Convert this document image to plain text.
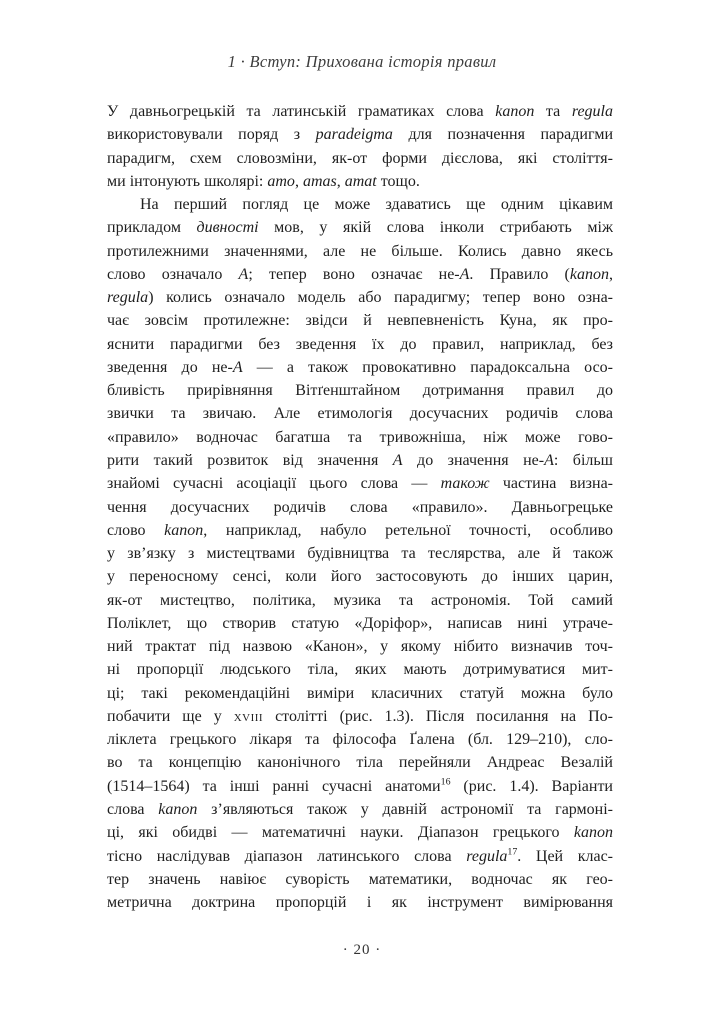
1 · Вступ: Прихована історія правил
У давньогрецькій та латинській граматиках слова kanon та regula
використовували поряд з paradeigma для позначення парадигми
парадигм, схем словозміни, як-от форми дієслова, які століття-
ми інтонують школярі: amo, amas, amat тощо.
На перший погляд це може здаватись ще одним цікавим
прикладом дивності мов, у якій слова інколи стрибають між
протилежними значеннями, але не більше. Колись давно якесь
слово означало А; тепер воно означає не-А. Правило (kanon,
regula) колись означало модель або парадигму; тепер воно озна-
чає зовсім протилежне: звідси й невпевненість Куна, як про-
яснити парадигми без зведення їх до правил, наприклад, без
зведення до не-А — а також провокативно парадоксальна осо-
бливість прирівняння Вітґенштайном дотримання правил до
звички та звичаю. Але етимологія досучасних родичів слова
«правило» водночас багатша та тривожніша, ніж може гово-
рити такий розвиток від значення А до значення не-А: більш
знайомі сучасні асоціації цього слова — також частина визна-
чення досучасних родичів слова «правило». Давньогрецьке
слово kanon, наприклад, набуло ретельної точності, особливо
у зв’язку з мистецтвами будівництва та теслярства, але й також
у переносному сенсі, коли його застосовують до інших царин,
як-от мистецтво, політика, музика та астрономія. Той самий
Поліклет, що створив статую «Доріфор», написав нині утраче-
ний трактат під назвою «Канон», у якому нібито визначив точ-
ні пропорції людського тіла, яких мають дотримуватися мит-
ці; такі рекомендаційні виміри класичних статуй можна було
побачити ще у xviii столітті (рис. 1.3). Після посилання на По-
ліклета грецького лікаря та філософа Ґалена (бл. 129–210), сло-
во та концепцію канонічного тіла перейняли Андреас Везалій
(1514–1564) та інші ранні сучасні анатоми$^{16}$ (рис. 1.4). Варіанти
слова kanon з’являються також у давній астрономії та гармоні-
ці, які обидві — математичні науки. Діапазон грецького kanon
тісно наслідував діапазон латинського слова regula$^{17}$. Цей клас-
тер значень навіює суворість математики, водночас як гео-
метрична доктрина пропорцій і як інструмент вимірювання
· 20 ·
